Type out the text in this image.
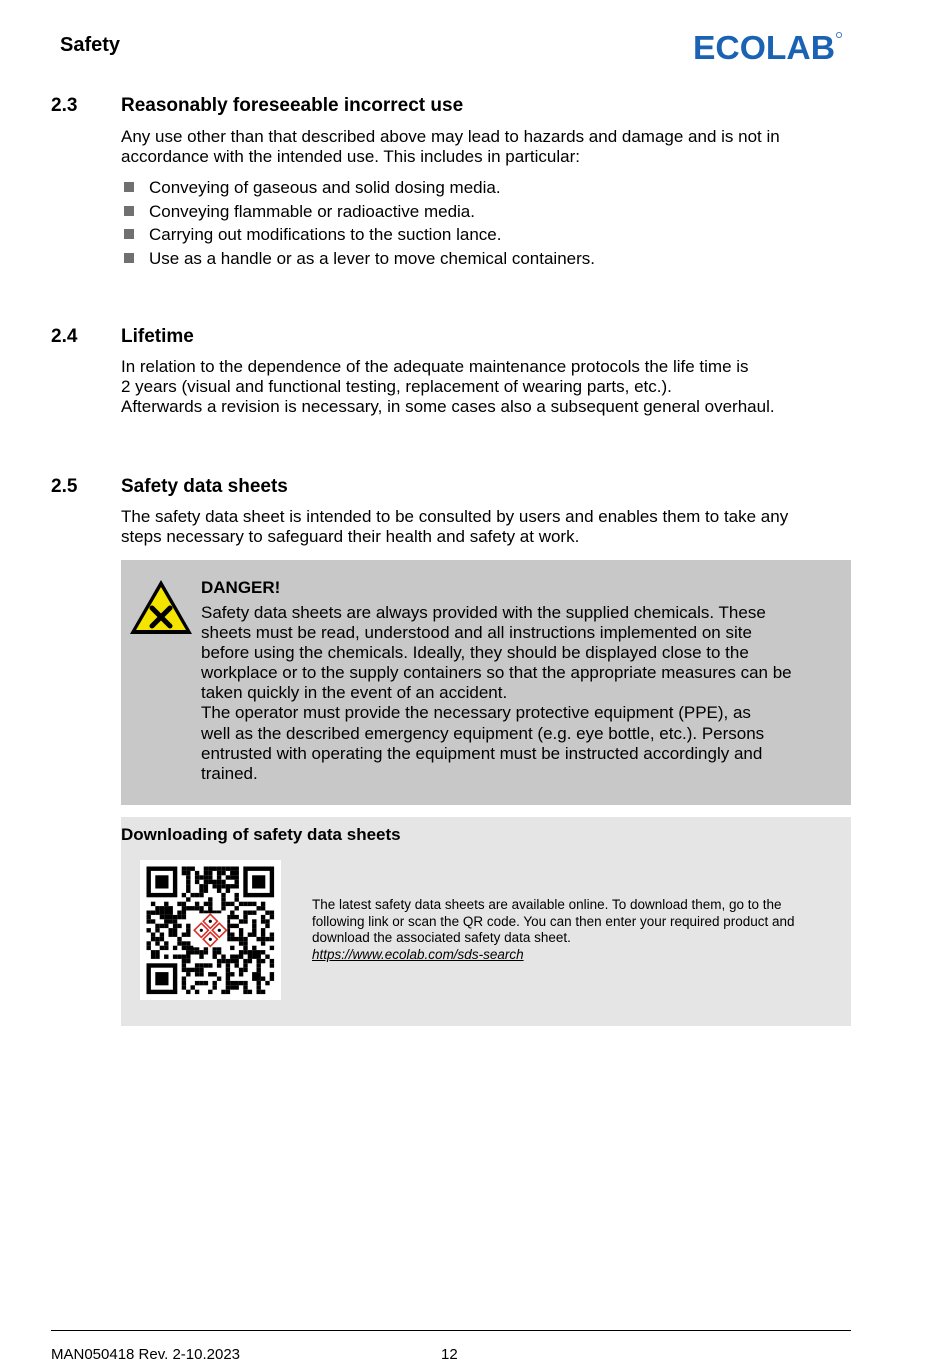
Safety	ECOLAB
2.3 Reasonably foreseeable incorrect use
Any use other than that described above may lead to hazards and damage and is not in
accordance with the intended use. This includes in particular:
Conveying of gaseous and solid dosing media.
Conveying flammable or radioactive media.
Carrying out modifications to the suction lance.
Use as a handle or as a lever to move chemical containers.
2.4 Lifetime
In relation to the dependence of the adequate maintenance protocols the life time is
2 years (visual and functional testing, replacement of wearing parts, etc.).
Afterwards a revision is necessary, in some cases also a subsequent general overhaul.
2.5 Safety data sheets
The safety data sheet is intended to be consulted by users and enables them to take any
steps necessary to safeguard their health and safety at work.
DANGER!
Safety data sheets are always provided with the supplied chemicals. These
sheets must be read, understood and all instructions implemented on site
before using the chemicals. Ideally, they should be displayed close to the
workplace or to the supply containers so that the appropriate measures can be
taken quickly in the event of an accident.
The operator must provide the necessary protective equipment (PPE), as
well as the described emergency equipment (e.g. eye bottle, etc.). Persons
entrusted with operating the equipment must be instructed accordingly and
trained.
Downloading of safety data sheets
The latest safety data sheets are available online. To download them, go to the
following link or scan the QR code. You can then enter your required product and
download the associated safety data sheet.
https://www.ecolab.com/sds-search
MAN050418 Rev. 2-10.2023	12
